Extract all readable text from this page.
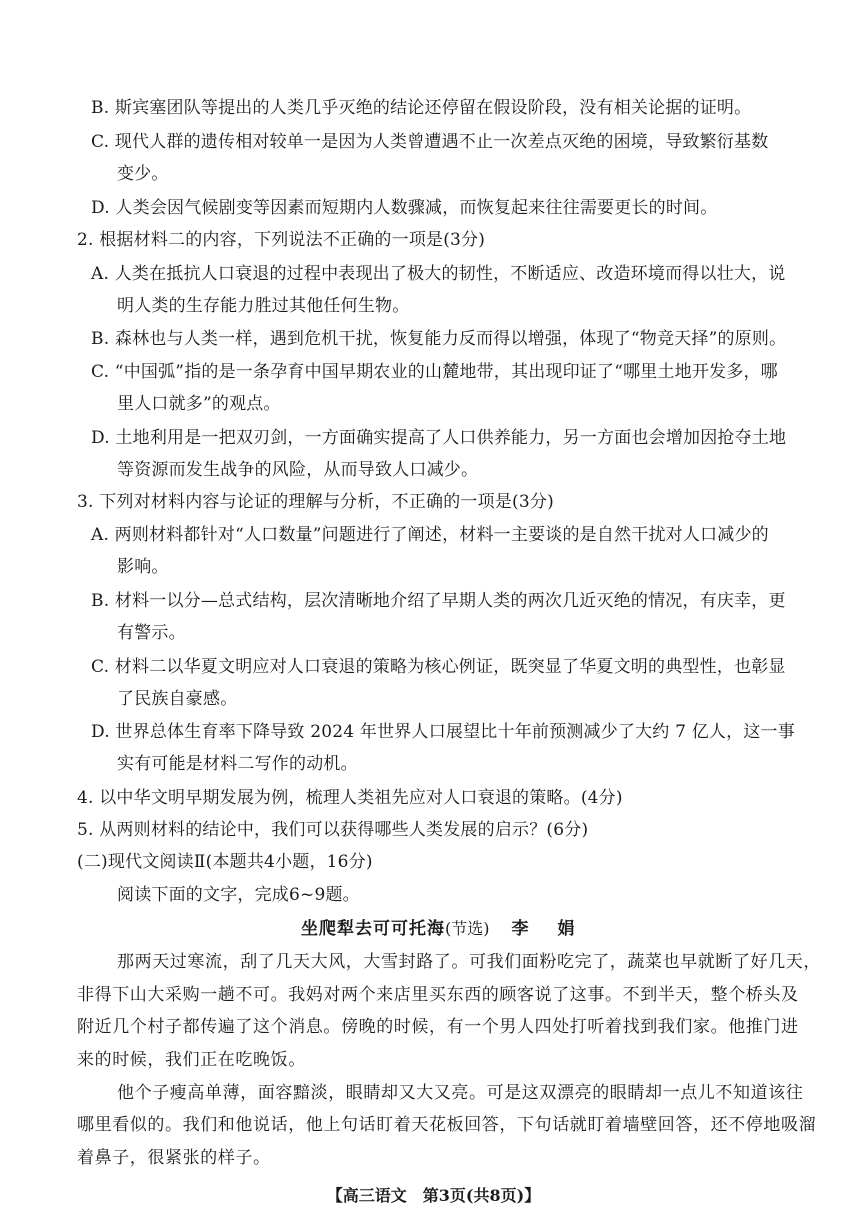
B. 斯宾塞团队等提出的人类几乎灭绝的结论还停留在假设阶段，没有相关论据的证明。
C. 现代人群的遗传相对较单一是因为人类曾遭遇不止一次差点灭绝的困境，导致繁衍基数
变少。
D. 人类会因气候剧变等因素而短期内人数骤减，而恢复起来往往需要更长的时间。
2. 根据材料二的内容，下列说法不正确的一项是(3分)
A. 人类在抵抗人口衰退的过程中表现出了极大的韧性，不断适应、改造环境而得以壮大，说
明人类的生存能力胜过其他任何生物。
B. 森林也与人类一样，遇到危机干扰，恢复能力反而得以增强，体现了“物竞天择”的原则。
C. “中国弧”指的是一条孕育中国早期农业的山麓地带，其出现印证了“哪里土地开发多，哪
里人口就多”的观点。
D. 土地利用是一把双刃剑，一方面确实提高了人口供养能力，另一方面也会增加因抢夺土地
等资源而发生战争的风险，从而导致人口减少。
3. 下列对材料内容与论证的理解与分析，不正确的一项是(3分)
A. 两则材料都针对“人口数量”问题进行了阐述，材料一主要谈的是自然干扰对人口减少的
影响。
B. 材料一以分—总式结构，层次清晰地介绍了早期人类的两次几近灭绝的情况，有庆幸，更
有警示。
C. 材料二以华夏文明应对人口衰退的策略为核心例证，既突显了华夏文明的典型性，也彰显
了民族自豪感。
D. 世界总体生育率下降导致 2024 年世界人口展望比十年前预测减少了大约 7 亿人，这一事
实有可能是材料二写作的动机。
4. 以中华文明早期发展为例，梳理人类祖先应对人口衰退的策略。(4分)
5. 从两则材料的结论中，我们可以获得哪些人类发展的启示？(6分)
(二)现代文阅读Ⅱ(本题共4小题，16分)
阅读下面的文字，完成6~9题。
坐爬犁去可可托海(节选) 李　娟
那两天过寒流，刮了几天大风，大雪封路了。可我们面粉吃完了，蔬菜也早就断了好几天，
非得下山大采购一趟不可。我妈对两个来店里买东西的顾客说了这事。不到半天，整个桥头及
附近几个村子都传遍了这个消息。傍晚的时候，有一个男人四处打听着找到我们家。他推门进
来的时候，我们正在吃晚饭。
他个子瘦高单薄，面容黯淡，眼睛却又大又亮。可是这双漂亮的眼睛却一点儿不知道该往
哪里看似的。我们和他说话，他上句话盯着天花板回答，下句话就盯着墙壁回答，还不停地吸溜
着鼻子，很紧张的样子。
【高三语文　第3页(共8页)】
